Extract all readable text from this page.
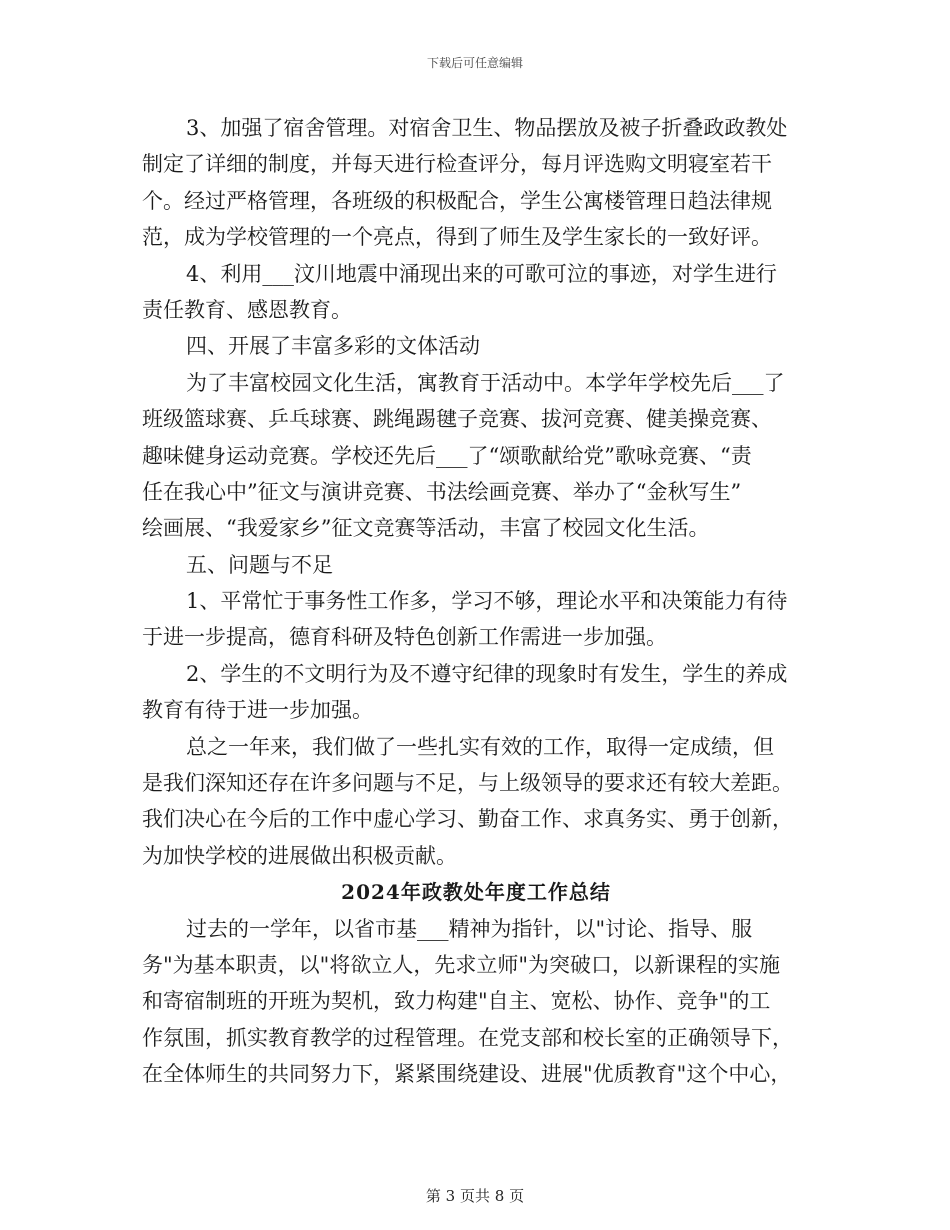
下载后可任意编辑
3、加强了宿舍管理。对宿舍卫生、物品摆放及被子折叠政政教处
制定了详细的制度，并每天进行检查评分，每月评选购文明寝室若干
个。经过严格管理，各班级的积极配合，学生公寓楼管理日趋法律规
范，成为学校管理的一个亮点，得到了师生及学生家长的一致好评。
4、利用___汶川地震中涌现出来的可歌可泣的事迹，对学生进行
责任教育、感恩教育。
四、开展了丰富多彩的文体活动
为了丰富校园文化生活，寓教育于活动中。本学年学校先后___了
班级篮球赛、乒乓球赛、跳绳踢毽子竞赛、拔河竞赛、健美操竞赛、
趣味健身运动竞赛。学校还先后___了“颂歌献给党”歌咏竞赛、“责
任在我心中”征文与演讲竞赛、书法绘画竞赛、举办了“金秋写生”
绘画展、“我爱家乡”征文竞赛等活动，丰富了校园文化生活。
五、问题与不足
1、平常忙于事务性工作多，学习不够，理论水平和决策能力有待
于进一步提高，德育科研及特色创新工作需进一步加强。
2、学生的不文明行为及不遵守纪律的现象时有发生，学生的养成
教育有待于进一步加强。
总之一年来，我们做了一些扎实有效的工作，取得一定成绩，但
是我们深知还存在许多问题与不足，与上级领导的要求还有较大差距。
我们决心在今后的工作中虚心学习、勤奋工作、求真务实、勇于创新，
为加快学校的进展做出积极贡献。
2024年政教处年度工作总结
过去的一学年，以省市基___精神为指针，以"讨论、指导、服
务"为基本职责，以"将欲立人，先求立师"为突破口，以新课程的实施
和寄宿制班的开班为契机，致力构建"自主、宽松、协作、竞争"的工
作氛围，抓实教育教学的过程管理。在党支部和校长室的正确领导下，
在全体师生的共同努力下，紧紧围绕建设、进展"优质教育"这个中心，
第 3 页共 8 页
